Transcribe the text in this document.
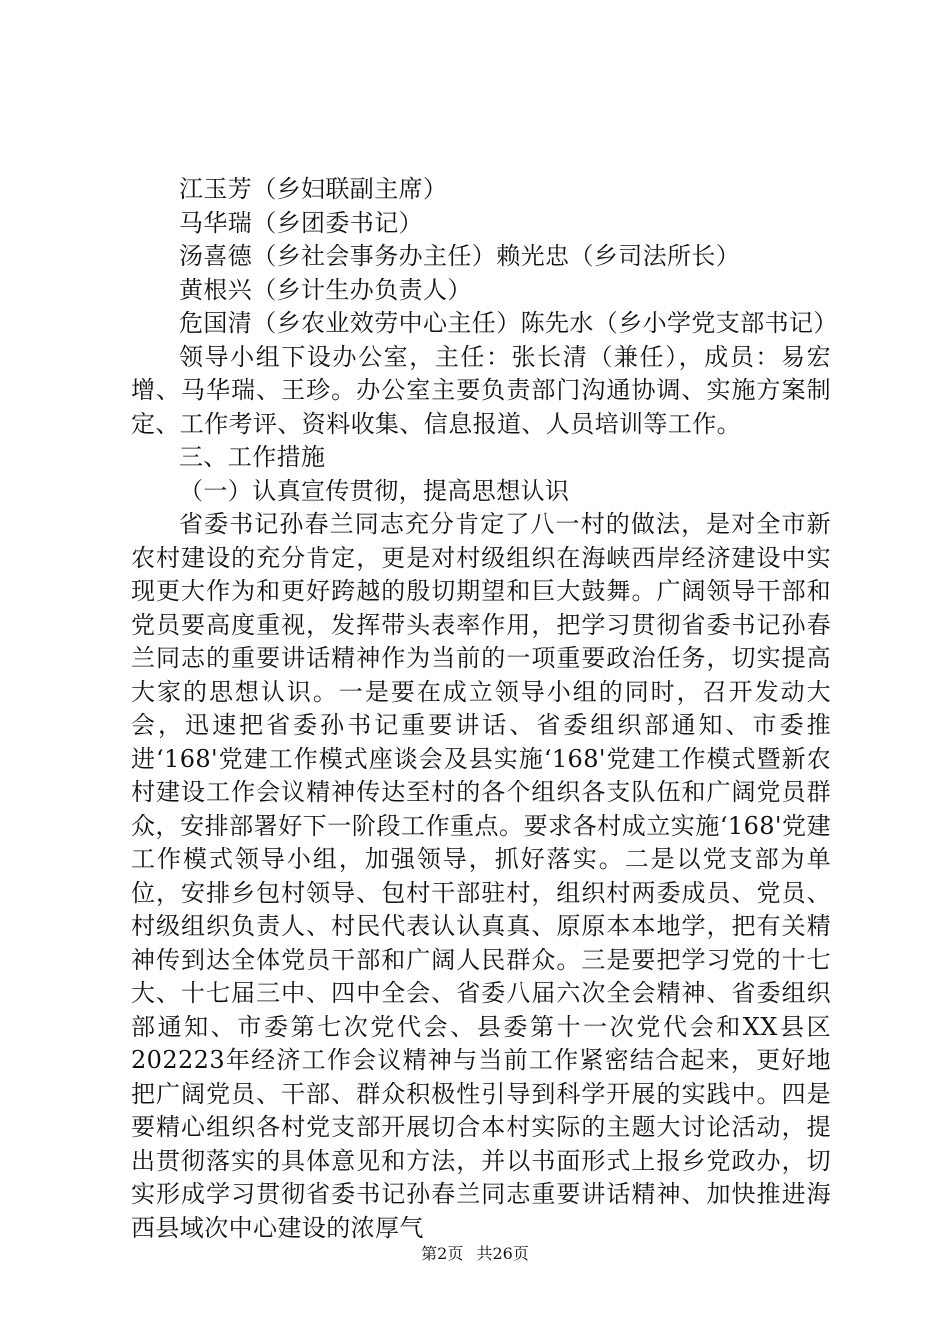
江玉芳（乡妇联副主席）

马华瑞（乡团委书记）

汤喜德（乡社会事务办主任）赖光忠（乡司法所长）

黄根兴（乡计生办负责人）

危国清（乡农业效劳中心主任）陈先水（乡小学党支部书记）

领导小组下设办公室，主任：张长清（兼任），成员：易宏增、马华瑞、王珍。办公室主要负责部门沟通协调、实施方案制定、工作考评、资料收集、信息报道、人员培训等工作。

三、工作措施

（一）认真宣传贯彻，提高思想认识

省委书记孙春兰同志充分肯定了八一村的做法，是对全市新农村建设的充分肯定，更是对村级组织在海峡西岸经济建设中实现更大作为和更好跨越的殷切期望和巨大鼓舞。广阔领导干部和党员要高度重视，发挥带头表率作用，把学习贯彻省委书记孙春兰同志的重要讲话精神作为当前的一项重要政治任务，切实提高大家的思想认识。一是要在成立领导小组的同时，召开发动大会，迅速把省委孙书记重要讲话、省委组织部通知、市委推进‘168'党建工作模式座谈会及县实施‘168'党建工作模式暨新农村建设工作会议精神传达至村的各个组织各支队伍和广阔党员群众，安排部署好下一阶段工作重点。要求各村成立实施‘168'党建工作模式领导小组，加强领导，抓好落实。二是以党支部为单位，安排乡包村领导、包村干部驻村，组织村两委成员、党员、村级组织负责人、村民代表认认真真、原原本本地学，把有关精神传到达全体党员干部和广阔人民群众。三是要把学习党的十七大、十七届三中、四中全会、省委八届六次全会精神、省委组织部通知、市委第七次党代会、县委第十一次党代会和XX县区202223年经济工作会议精神与当前工作紧密结合起来，更好地把广阔党员、干部、群众积极性引导到科学开展的实践中。四是要精心组织各村党支部开展切合本村实际的主题大讨论活动，提出贯彻落实的具体意见和方法，并以书面形式上报乡党政办，切实形成学习贯彻省委书记孙春兰同志重要讲话精神、加快推进海西县域次中心建设的浓厚气

第2页 共26页
